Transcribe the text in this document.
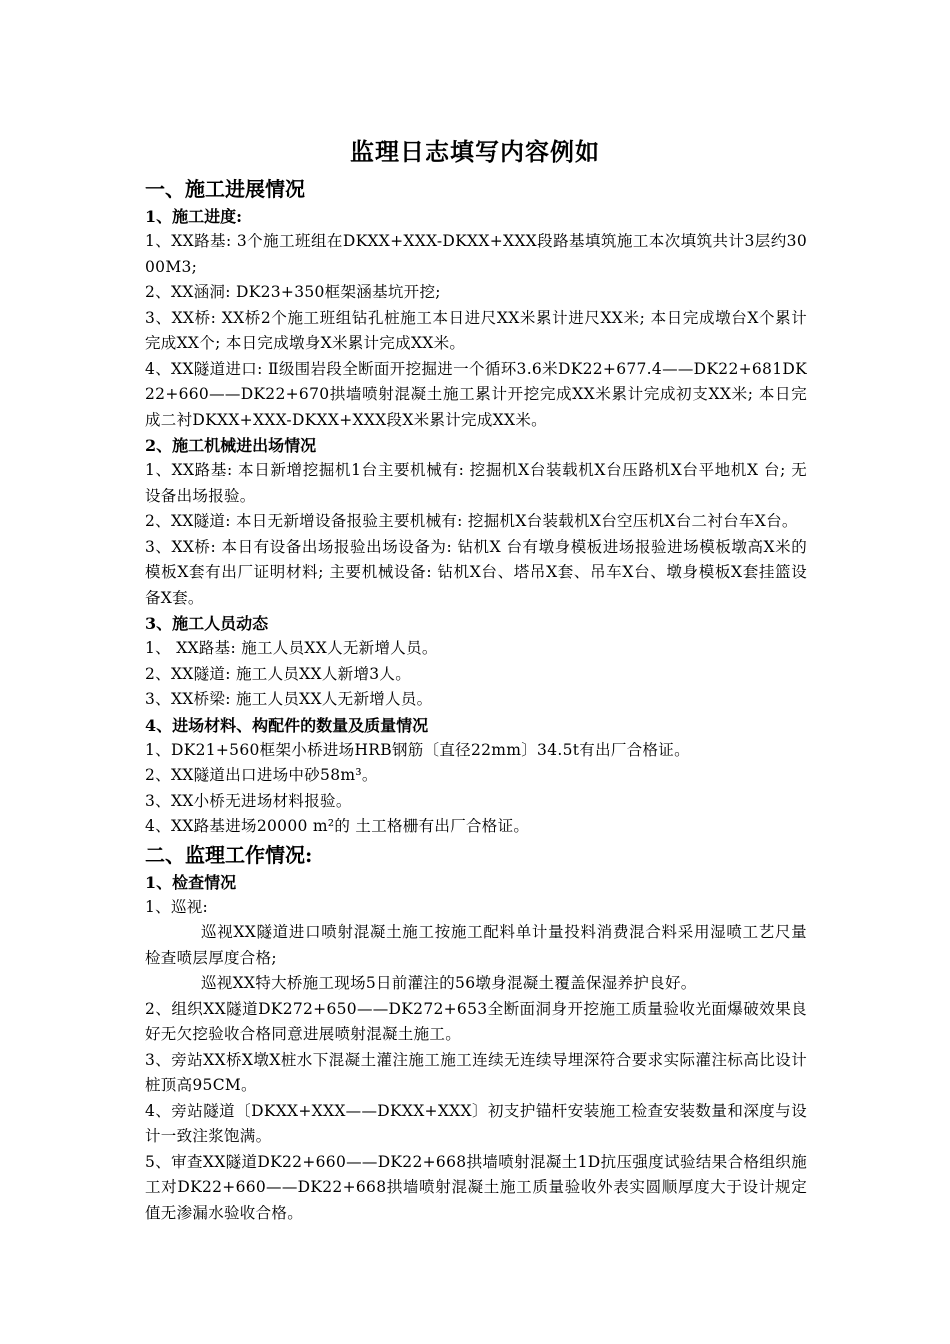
监理日志填写内容例如
一、施工进展情况
1、施工进度:

1、XX路基: 3个施工班组在DKXX+XXX-DKXX+XXX段路基填筑施工本次填筑共计3层约3000M3;

2、XX涵洞: DK23+350框架涵基坑开挖;

3、XX桥: XX桥2个施工班组钻孔桩施工本日进尺XX米累计进尺XX米; 本日完成墩台X个累计完成XX个; 本日完成墩身X米累计完成XX米。

4、XX隧道进口: Ⅱ级围岩段全断面开挖掘进一个循环3.6米DK22+677.4——DK22+681DK22+660——DK22+670拱墙喷射混凝土施工累计开挖完成XX米累计完成初支XX米; 本日完成二衬DKXX+XXX-DKXX+XXX段X米累计完成XX米。

2、施工机械进出场情况

1、XX路基: 本日新增挖掘机1台主要机械有: 挖掘机X台装载机X台压路机X台平地机X 台; 无设备出场报验。

2、XX隧道: 本日无新增设备报验主要机械有: 挖掘机X台装载机X台空压机X台二衬台车X台。

3、XX桥: 本日有设备出场报验出场设备为: 钻机X 台有墩身模板进场报验进场模板墩高X米的模板X套有出厂证明材料; 主要机械设备: 钻机X台、塔吊X套、吊车X台、墩身模板X套挂篮设备X套。

3、施工人员动态

1、 XX路基: 施工人员XX人无新增人员。

2、XX隧道: 施工人员XX人新增3人。

3、XX桥梁: 施工人员XX人无新增人员。

4、进场材料、构配件的数量及质量情况

1、DK21+560框架小桥进场HRB钢筋〔直径22mm〕34.5t有出厂合格证。

2、XX隧道出口进场中砂58m³。

3、XX小桥无进场材料报验。

4、XX路基进场20000 m²的 土工格栅有出厂合格证。

二、监理工作情况:
1、检查情况

1、巡视:

巡视XX隧道进口喷射混凝土施工按施工配料单计量投料消费混合料采用湿喷工艺尺量检查喷层厚度合格;

巡视XX特大桥施工现场5日前灌注的56墩身混凝土覆盖保湿养护良好。

2、组织XX隧道DK272+650——DK272+653全断面洞身开挖施工质量验收光面爆破效果良好无欠挖验收合格同意进展喷射混凝土施工。

3、旁站XX桥X墩X桩水下混凝土灌注施工施工连续无连续导埋深符合要求实际灌注标高比设计桩顶高95CM。

4、旁站隧道〔DKXX+XXX——DKXX+XXX〕初支护锚杆安装施工检查安装数量和深度与设计一致注浆饱满。

5、审查XX隧道DK22+660——DK22+668拱墙喷射混凝土1D抗压强度试验结果合格组织施工对DK22+660——DK22+668拱墙喷射混凝土施工质量验收外表实圆顺厚度大于设计规定值无渗漏水验收合格。
